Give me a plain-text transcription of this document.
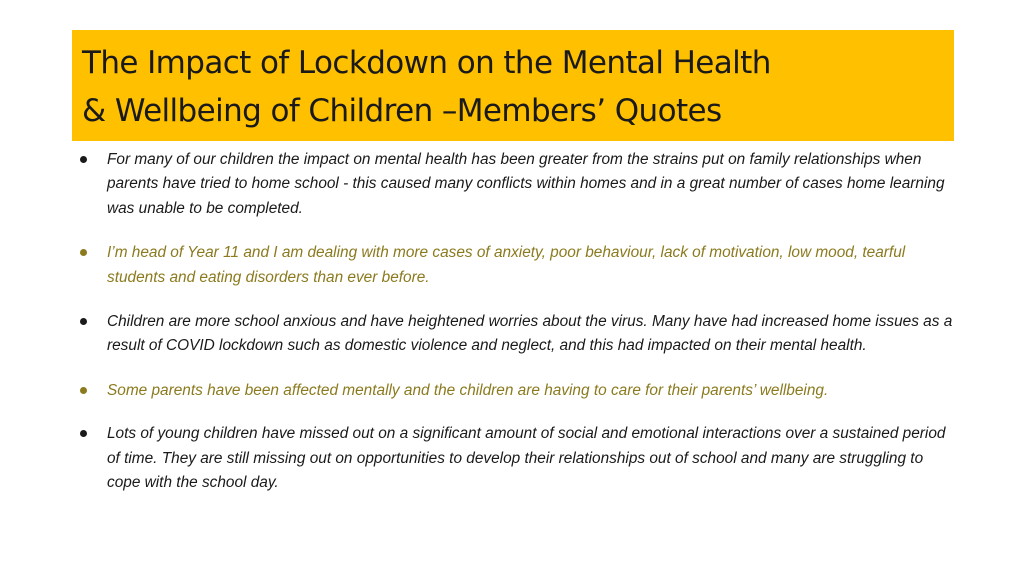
The Impact of Lockdown on the Mental Health
& Wellbeing of Children –Members’ Quotes
For many of our children the impact on mental health has been greater from the strains put on family relationships when parents have tried to home school - this caused many conflicts within homes and in a great number of cases home learning was unable to be completed.
I’m head of Year 11 and I am dealing with more cases of anxiety, poor behaviour, lack of motivation, low mood, tearful students and eating disorders than ever before.
Children are more school anxious and have heightened worries about the virus. Many have had increased home issues as a result of COVID lockdown such as domestic violence and neglect, and this had impacted on their mental health.
Some parents have been affected mentally and the children are having to care for their parents’ wellbeing.
Lots of young children have missed out on a significant amount of social and emotional interactions over a sustained period of time. They are still missing out on opportunities to develop their relationships out of school and many are struggling to cope with the school day.
